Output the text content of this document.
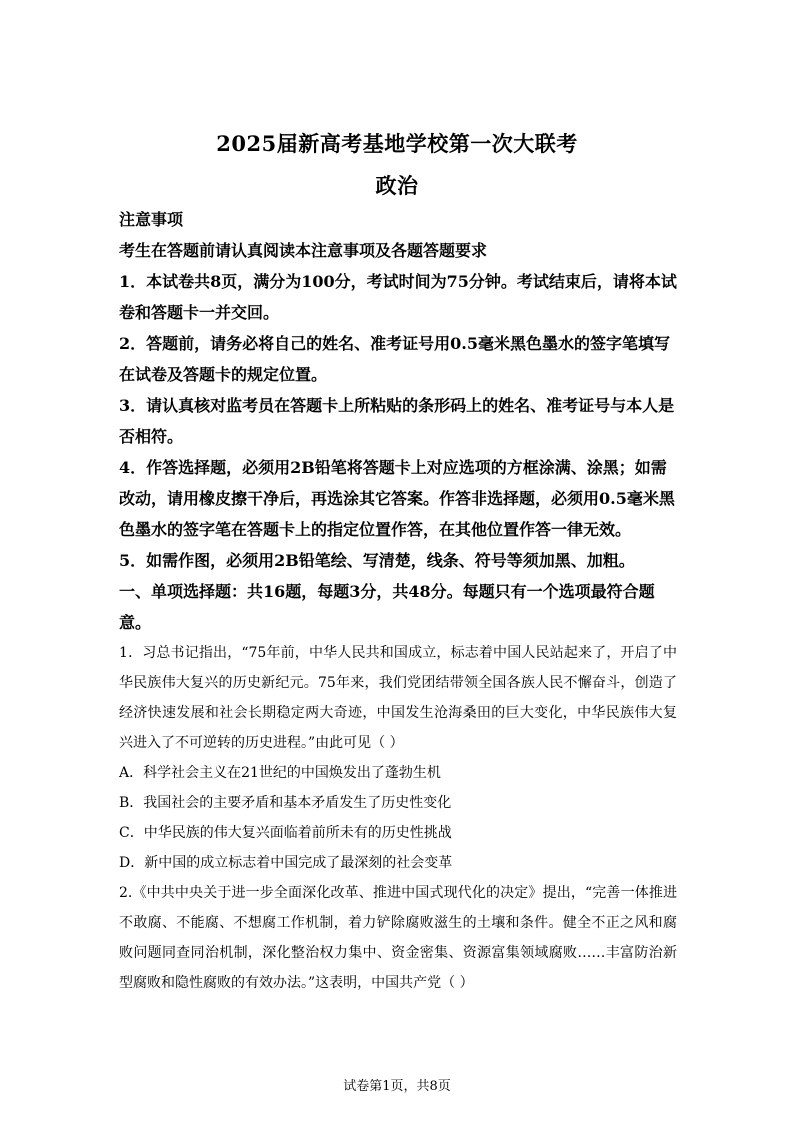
2025届新高考基地学校第一次大联考
政治

注意事项

考生在答题前请认真阅读本注意事项及各题答题要求

1．本试卷共8页，满分为100分，考试时间为75分钟。考试结束后，请将本试卷和答题卡一并交回。

2．答题前，请务必将自己的姓名、准考证号用0.5毫米黑色墨水的签字笔填写在试卷及答题卡的规定位置。

3．请认真核对监考员在答题卡上所粘贴的条形码上的姓名、准考证号与本人是否相符。

4．作答选择题，必须用2B铅笔将答题卡上对应选项的方框涂满、涂黑；如需改动，请用橡皮擦干净后，再选涂其它答案。作答非选择题，必须用0.5毫米黑色墨水的签字笔在答题卡上的指定位置作答，在其他位置作答一律无效。

5．如需作图，必须用2B铅笔绘、写清楚，线条、符号等须加黑、加粗。

一、单项选择题：共16题，每题3分，共48分。每题只有一个选项最符合题意。

1．习总书记指出，“75年前，中华人民共和国成立，标志着中国人民站起来了，开启了中华民族伟大复兴的历史新纪元。75年来，我们党团结带领全国各族人民不懈奋斗，创造了经济快速发展和社会长期稳定两大奇迹，中国发生沧海桑田的巨大变化，中华民族伟大复兴进入了不可逆转的历史进程。”由此可见（ ）

A．科学社会主义在21世纪的中国焕发出了蓬勃生机

B．我国社会的主要矛盾和基本矛盾发生了历史性变化

C．中华民族的伟大复兴面临着前所未有的历史性挑战

D．新中国的成立标志着中国完成了最深刻的社会变革

2.《中共中央关于进一步全面深化改革、推进中国式现代化的决定》提出，“完善一体推进不敢腐、不能腐、不想腐工作机制，着力铲除腐败滋生的土壤和条件。健全不正之风和腐败问题同查同治机制，深化整治权力集中、资金密集、资源富集领域腐败……丰富防治新型腐败和隐性腐败的有效办法。”这表明，中国共产党（ ）

试卷第1页，共8页
